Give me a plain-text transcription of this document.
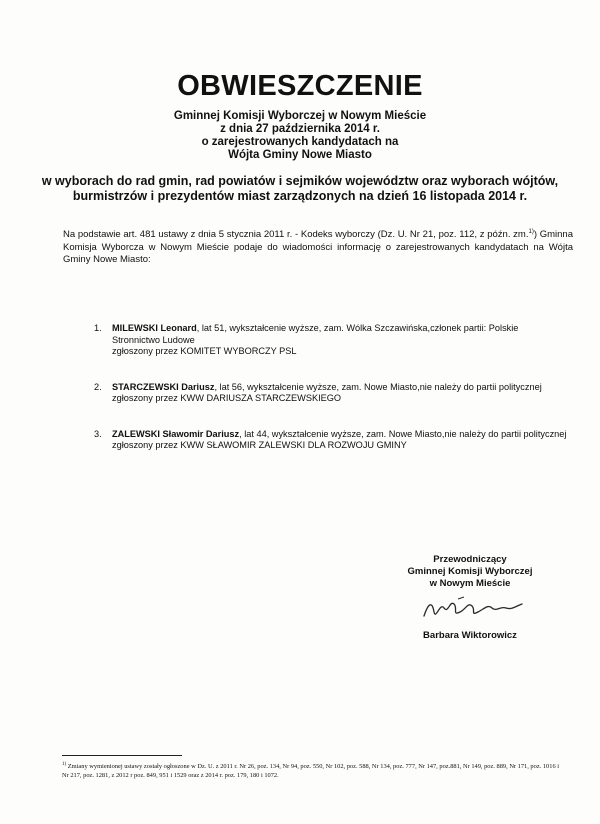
OBWIESZCZENIE
Gminnej Komisji Wyborczej w Nowym Mieście
z dnia 27 października 2014 r.
o zarejestrowanych kandydatach na
Wójta Gminy Nowe Miasto
w wyborach do rad gmin, rad powiatów i sejmików województw oraz wyborach wójtów,
burmistrzów i prezydentów miast zarządzonych na dzień 16 listopada 2014 r.
Na podstawie art. 481 ustawy z dnia 5 stycznia 2011 r. - Kodeks wyborczy (Dz. U. Nr 21, poz. 112, z późn. zm.$^{1)}$) Gminna Komisja Wyborcza w Nowym Mieście podaje do wiadomości informację o zarejestrowanych kandydatach na Wójta Gminy Nowe Miasto:
1. MILEWSKI Leonard, lat 51, wykształcenie wyższe, zam. Wólka Szczawińska,członek partii: Polskie Stronnictwo Ludowe
zgłoszony przez KOMITET WYBORCZY PSL
2. STARCZEWSKI Dariusz, lat 56, wykształcenie wyższe, zam. Nowe Miasto,nie należy do partii politycznej
zgłoszony przez KWW DARIUSZA STARCZEWSKIEGO
3. ZALEWSKI Sławomir Dariusz, lat 44, wykształcenie wyższe, zam. Nowe Miasto,nie należy do partii politycznej
zgłoszony przez KWW SŁAWOMIR ZALEWSKI DLA ROZWOJU GMINY
Przewodniczący
Gminnej Komisji Wyborczej
w Nowym Mieście
Barbara Wiktorowicz
$^{1)}$ Zmiany wymienionej ustawy zostały ogłoszone w Dz. U. z 2011 r. Nr 26, poz. 134, Nr 94, poz. 550, Nr 102, poz. 588, Nr 134, poz. 777, Nr 147, poz.881, Nr 149, poz. 889, Nr 171, poz. 1016 i Nr 217, poz. 1281, z 2012 r poz. 849, 951 i 1529 oraz z 2014 r. poz. 179, 180 i 1072.
